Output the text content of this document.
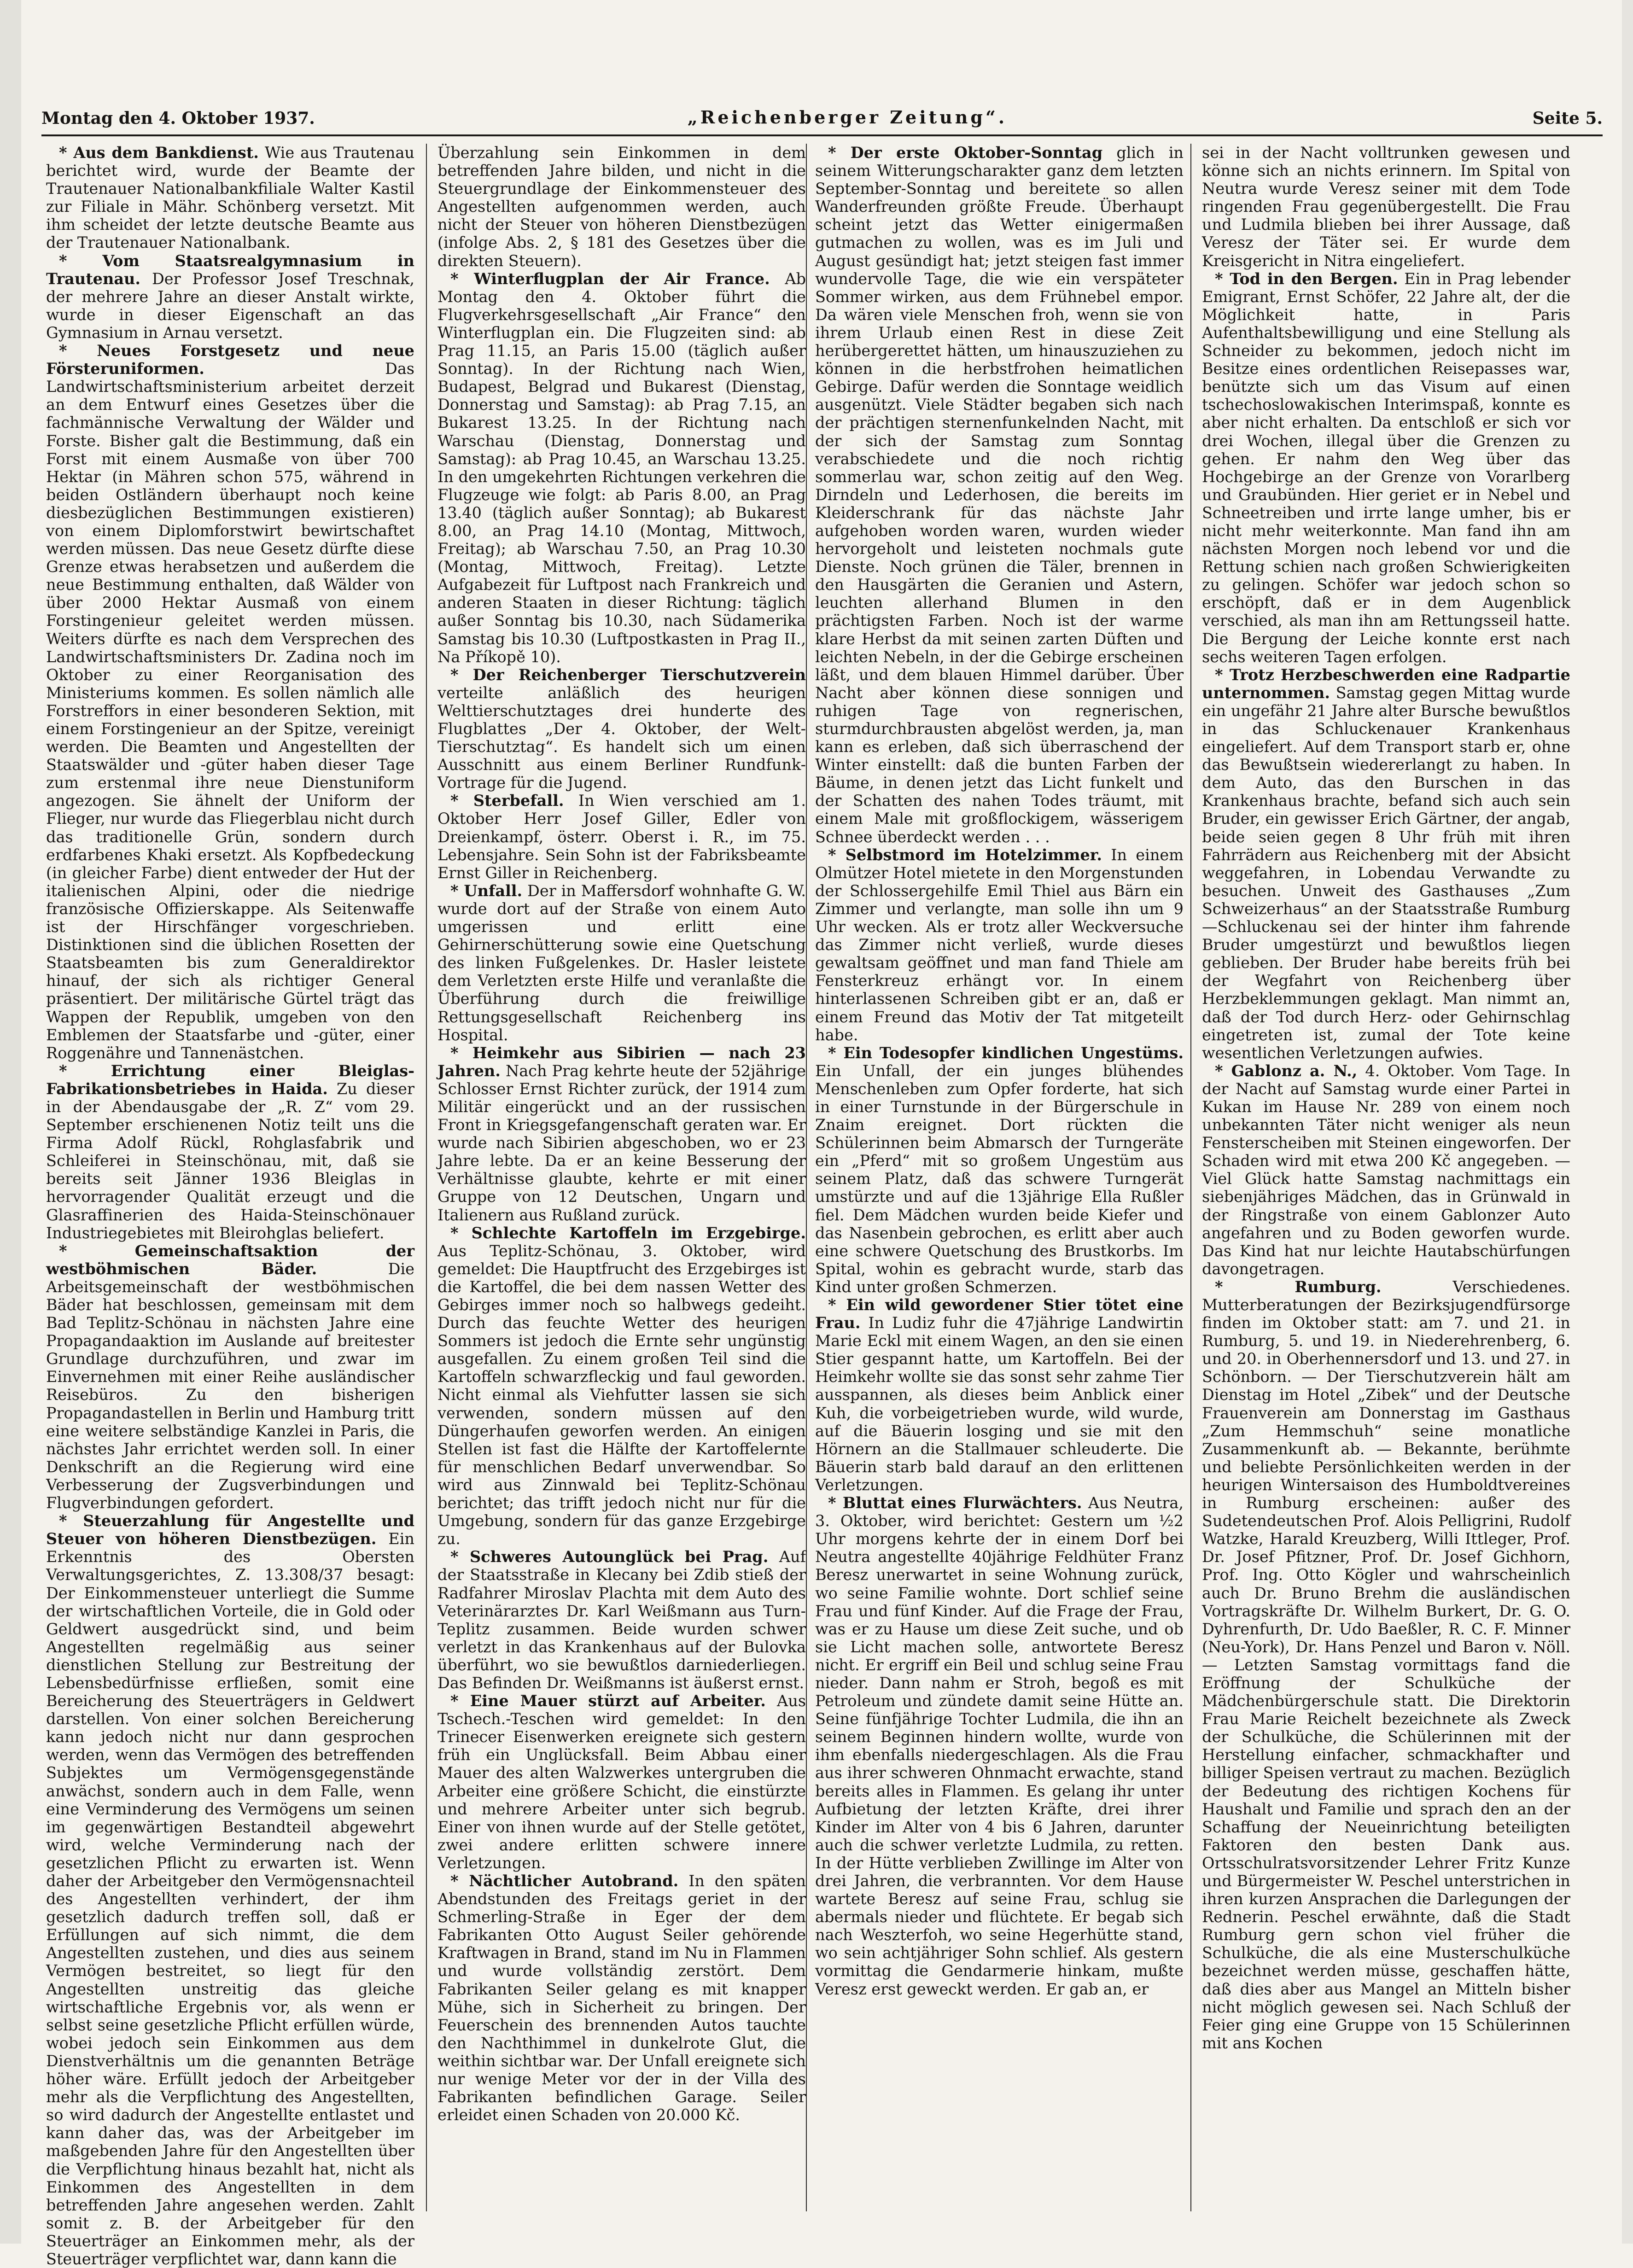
Montag den 4. Oktober 1937.	„Reichenberger Zeitung“.	Seite 5.

* Aus dem Bankdienst. Wie aus Trautenau berichtet wird, wurde der Beamte der Trautenauer Nationalbankfiliale Walter Kastil zur Filiale in Mähr. Schönberg versetzt. Mit ihm scheidet der letzte deutsche Beamte aus der Trautenauer Nationalbank.

* Vom Staatsrealgymnasium in Trautenau. Der Professor Josef Treschnak, der mehrere Jahre an dieser Anstalt wirkte, wurde in dieser Eigenschaft an das Gymnasium in Arnau versetzt.

* Neues Forstgesetz und neue Försteruniformen.	Das Landwirtschaftsministerium arbeitet derzeit an dem Entwurf eines Gesetzes über die fachmännische Verwaltung der Wälder und Forste. Bisher galt die Bestimmung, daß ein Forst mit einem Ausmaße von über 700 Hektar (in Mähren schon 575, während in beiden Ostländern überhaupt noch keine diesbezüglichen Bestimmungen existieren) von einem Diplomforstwirt bewirtschaftet werden müssen. Das neue Gesetz dürfte diese Grenze etwas herabsetzen und außerdem die neue Bestimmung enthalten, daß Wälder von über 2000 Hektar Ausmaß von einem Forstingenieur geleitet werden müssen. Weiters dürfte es nach dem Versprechen des Landwirtschaftsministers Dr. Zadina noch im Oktober zu einer Reorganisation des Ministeriums kommen. Es sollen nämlich alle Forstreffors in einer besonderen Sektion, mit einem Forstingenieur an der Spitze, vereinigt werden. Die Beamten und Angestellten der Staatswälder und -güter haben dieser Tage zum erstenmal ihre neue Dienstuniform angezogen. Sie ähnelt der Uniform der Flieger, nur wurde das Fliegerblau nicht durch das traditionelle Grün, sondern durch erdfarbenes Khaki ersetzt. Als Kopfbedeckung (in gleicher Farbe) dient entweder der Hut der italienischen Alpini, oder die niedrige französische Offizierskappe. Als Seitenwaffe ist der Hirschfänger vorgeschrieben. Distinktionen sind die üblichen Rosetten der Staatsbeamten bis zum Generaldirektor hinauf, der sich als richtiger General präsentiert. Der militärische Gürtel trägt das Wappen der Republik, umgeben von den Emblemen der Staatsfarbe und -güter, einer Roggenähre und Tannenästchen.

* Errichtung einer Bleiglas-Fabrikationsbetriebes in Haida. Zu dieser in der Abendausgabe der „R. Z“ vom 29. September erschienenen Notiz teilt uns die Firma Adolf Rückl, Rohglasfabrik und Schleiferei in Steinschönau, mit, daß sie bereits seit Jänner 1936 Bleiglas in hervorragender Qualität erzeugt und die Glasraffinerien des Haida-Steinschönauer Industriegebietes mit Bleirohglas beliefert.

* Gemeinschaftsaktion der westböhmischen Bäder.	Die Arbeitsgemeinschaft der westböhmischen Bäder hat beschlossen, gemeinsam mit dem Bad Teplitz-Schönau in nächsten Jahre eine Propagandaaktion im Auslande auf breitester Grundlage durchzuführen, und zwar im Einvernehmen mit einer Reihe ausländischer Reisebüros. Zu den bisherigen Propagandastellen in Berlin und Hamburg tritt eine weitere selbständige Kanzlei in Paris, die nächstes Jahr errichtet werden soll. In einer Denkschrift an die Regierung wird eine Verbesserung der Zugsverbindungen und Flugverbindungen gefordert.

* Steuerzahlung für Angestellte und Steuer von höheren Dienstbezügen. Ein Erkenntnis des Obersten Verwaltungsgerichtes, Z. 13.308/37 besagt: Der Einkommensteuer unterliegt die Summe der wirtschaftlichen Vorteile, die in Gold oder Geldwert ausgedrückt sind, und beim Angestellten regelmäßig aus seiner dienstlichen Stellung zur Bestreitung der Lebensbedürfnisse erfließen, somit eine Bereicherung des Steuerträgers in Geldwert darstellen. Von einer solchen Bereicherung kann jedoch nicht nur dann gesprochen werden, wenn das Vermögen des betreffenden Subjektes um Vermögensgegenstände anwächst, sondern auch in dem Falle, wenn eine Verminderung des Vermögens um seinen im gegenwärtigen Bestandteil abgewehrt wird, welche Verminderung nach der gesetzlichen Pflicht zu erwarten ist. Wenn daher der Arbeitgeber den Vermögensnachteil des Angestellten verhindert, der ihm gesetzlich dadurch treffen soll, daß er Erfüllungen auf sich nimmt, die dem Angestellten zustehen, und dies aus seinem Vermögen bestreitet, so liegt für den Angestellten unstreitig das gleiche wirtschaftliche Ergebnis vor, als wenn er selbst seine gesetzliche Pflicht erfüllen würde, wobei jedoch sein Einkommen aus dem Dienstverhältnis um die genannten Beträge höher wäre. Erfüllt jedoch der Arbeitgeber mehr als die Verpflichtung des Angestellten, so wird dadurch der Angestellte entlastet und kann daher das, was der Arbeitgeber im maßgebenden Jahre für den Angestellten über die Verpflichtung hinaus bezahlt hat, nicht als Einkommen des Angestellten in dem betreffenden Jahre angesehen werden. Zahlt somit z. B. der Arbeitgeber für den Steuerträger an Einkommen mehr, als der Steuerträger verpflichtet war, dann kann die

Überzahlung sein Einkommen in dem betreffenden Jahre bilden, und nicht in die Steuergrundlage der Einkommensteuer des Angestellten aufgenommen werden, auch nicht der Steuer von höheren Dienstbezügen (infolge Abs. 2, § 181 des Gesetzes über die direkten Steuern).

* Winterflugplan der Air France. Ab Montag den 4. Oktober führt die Flugverkehrsgesellschaft „Air France“ den Winterflugplan ein. Die Flugzeiten sind: ab Prag 11.15, an Paris 15.00 (täglich außer Sonntag). In der Richtung nach Wien, Budapest, Belgrad und Bukarest (Dienstag, Donnerstag und Samstag): ab Prag 7.15, an Bukarest 13.25. In der Richtung nach Warschau (Dienstag, Donnerstag und Samstag): ab Prag 10.45, an Warschau 13.25. In den umgekehrten Richtungen verkehren die Flugzeuge wie folgt: ab Paris 8.00, an Prag 13.40 (täglich außer Sonntag); ab Bukarest 8.00, an Prag 14.10 (Montag, Mittwoch, Freitag); ab Warschau 7.50, an Prag 10.30 (Montag, Mittwoch, Freitag). Letzte Aufgabezeit für Luftpost nach Frankreich und anderen Staaten in dieser Richtung: täglich außer Sonntag bis 10.30, nach Südamerika Samstag bis 10.30 (Luftpostkasten in Prag II., Na Příkopě 10).

* Der Reichenberger Tierschutzverein verteilte anläßlich des heurigen Welttierschutztages drei hunderte des Flugblattes „Der 4. Oktober, der Welt-Tierschutztag“. Es handelt sich um einen Ausschnitt aus einem Berliner Rundfunk-Vortrage für die Jugend.

* Sterbefall. In Wien verschied am 1. Oktober Herr Josef Giller, Edler von Dreienkampf, österr. Oberst i. R., im 75. Lebensjahre. Sein Sohn ist der Fabriksbeamte Ernst Giller in Reichenberg.

* Unfall. Der in Maffersdorf wohnhafte G. W. wurde dort auf der Straße von einem Auto umgerissen und erlitt eine Gehirnerschütterung sowie eine Quetschung des linken Fußgelenkes. Dr. Hasler leistete dem Verletzten erste Hilfe und veranlaßte die Überführung durch die freiwillige Rettungsgesellschaft Reichenberg ins Hospital.

* Heimkehr aus Sibirien — nach 23 Jahren. Nach Prag kehrte heute der 52jährige Schlosser Ernst Richter zurück, der 1914 zum Militär eingerückt und an der russischen Front in Kriegsgefangenschaft geraten war. Er wurde nach Sibirien abgeschoben, wo er 23 Jahre lebte. Da er an keine Besserung der Verhältnisse glaubte, kehrte er mit einer Gruppe von 12 Deutschen, Ungarn und Italienern aus Rußland zurück.

* Schlechte Kartoffeln im Erzgebirge. Aus Teplitz-Schönau, 3. Oktober, wird gemeldet: Die Hauptfrucht des Erzgebirges ist die Kartoffel, die bei dem nassen Wetter des Gebirges immer noch so halbwegs gedeiht. Durch das feuchte Wetter des heurigen Sommers ist jedoch die Ernte sehr ungünstig ausgefallen. Zu einem großen Teil sind die Kartoffeln schwarzfleckig und faul geworden. Nicht einmal als Viehfutter lassen sie sich verwenden, sondern müssen auf den Düngerhaufen geworfen werden. An einigen Stellen ist fast die Hälfte der Kartoffelernte für menschlichen Bedarf unverwendbar. So wird aus Zinnwald bei Teplitz-Schönau berichtet; das trifft jedoch nicht nur für die Umgebung, sondern für das ganze Erzgebirge zu.

* Schweres Autounglück bei Prag. Auf der Staatsstraße in Klecany bei Zdib stieß der Radfahrer Miroslav Plachta mit dem Auto des Veterinärarztes Dr. Karl Weißmann aus Turn-Teplitz zusammen. Beide wurden schwer verletzt in das Krankenhaus auf der Bulovka überführt, wo sie bewußtlos darniederliegen. Das Befinden Dr. Weißmanns ist äußerst ernst.

* Eine Mauer stürzt auf Arbeiter. Aus Tschech.-Teschen wird gemeldet: In den Trinecer Eisenwerken ereignete sich gestern früh ein Unglücksfall. Beim Abbau einer Mauer des alten Walzwerkes untergruben die Arbeiter eine größere Schicht, die einstürzte und mehrere Arbeiter unter sich begrub. Einer von ihnen wurde auf der Stelle getötet, zwei andere erlitten schwere innere Verletzungen.

* Nächtlicher Autobrand. In den späten Abendstunden des Freitags geriet in der Schmerling-Straße in Eger der dem Fabrikanten Otto August Seiler gehörende Kraftwagen in Brand, stand im Nu in Flammen und wurde vollständig zerstört. Dem Fabrikanten Seiler gelang es mit knapper Mühe, sich in Sicherheit zu bringen. Der Feuerschein des brennenden Autos tauchte den Nachthimmel in dunkelrote Glut, die weithin sichtbar war. Der Unfall ereignete sich nur wenige Meter vor der in der Villa des Fabrikanten befindlichen Garage. Seiler erleidet einen Schaden von 20.000 Kč.

* Der erste Oktober-Sonntag glich in seinem Witterungscharakter ganz dem letzten September-Sonntag und bereitete so allen Wanderfreunden größte Freude. Überhaupt scheint jetzt das Wetter einigermaßen gutmachen zu wollen, was es im Juli und August gesündigt hat; jetzt steigen fast immer wundervolle Tage, die wie ein verspäteter Sommer wirken, aus dem Frühnebel empor. Da wären viele Menschen froh, wenn sie von ihrem Urlaub einen Rest in diese Zeit herübergerettet hätten, um hinauszuziehen zu können in die herbstfrohen heimatlichen Gebirge. Dafür werden die Sonntage weidlich ausgenützt. Viele Städter begaben sich nach der prächtigen sternenfunkelnden Nacht, mit der sich der Samstag zum Sonntag verabschiedete und die noch richtig sommerlau war, schon zeitig auf den Weg. Dirndeln und Lederhosen, die bereits im Kleiderschrank für das nächste Jahr aufgehoben worden waren, wurden wieder hervorgeholt und leisteten nochmals gute Dienste. Noch grünen die Täler, brennen in den Hausgärten die Geranien und Astern, leuchten allerhand Blumen in den prächtigsten Farben. Noch ist der warme klare Herbst da mit seinen zarten Düften und leichten Nebeln, in der die Gebirge erscheinen läßt, und dem blauen Himmel darüber. Über Nacht aber können diese sonnigen und ruhigen Tage von regnerischen, sturmdurchbrausten abgelöst werden, ja, man kann es erleben, daß sich überraschend der Winter einstellt: daß die bunten Farben der Bäume, in denen jetzt das Licht funkelt und der Schatten des nahen Todes träumt, mit einem Male mit großflockigem, wässerigem Schnee überdeckt werden . . .

* Selbstmord im Hotelzimmer. In einem Olmützer Hotel mietete in den Morgenstunden der Schlossergehilfe Emil Thiel aus Bärn ein Zimmer und verlangte, man solle ihn um 9 Uhr wecken. Als er trotz aller Weckversuche das Zimmer nicht verließ, wurde dieses gewaltsam geöffnet und man fand Thiele am Fensterkreuz erhängt vor. In einem hinterlassenen Schreiben gibt er an, daß er einem Freund das Motiv der Tat mitgeteilt habe.

* Ein Todesopfer kindlichen Ungestüms. Ein Unfall, der ein junges blühendes Menschenleben zum Opfer forderte, hat sich in einer Turnstunde in der Bürgerschule in Znaim ereignet. Dort rückten die Schülerinnen beim Abmarsch der Turngeräte ein „Pferd“ mit so großem Ungestüm aus seinem Platz, daß das schwere Turngerät umstürzte und auf die 13jährige Ella Rußler fiel. Dem Mädchen wurden beide Kiefer und das Nasenbein gebrochen, es erlitt aber auch eine schwere Quetschung des Brustkorbs. Im Spital, wohin es gebracht wurde, starb das Kind unter großen Schmerzen.

* Ein wild gewordener Stier tötet eine Frau. In Ludiz fuhr die 47jährige Landwirtin Marie Eckl mit einem Wagen, an den sie einen Stier gespannt hatte, um Kartoffeln. Bei der Heimkehr wollte sie das sonst sehr zahme Tier ausspannen, als dieses beim Anblick einer Kuh, die vorbeigetrieben wurde, wild wurde, auf die Bäuerin losging und sie mit den Hörnern an die Stallmauer schleuderte. Die Bäuerin starb bald darauf an den erlittenen Verletzungen.

* Bluttat eines Flurwächters. Aus Neutra, 3. Oktober, wird berichtet: Gestern um ½2 Uhr morgens kehrte der in einem Dorf bei Neutra angestellte 40jährige Feldhüter Franz Beresz unerwartet in seine Wohnung zurück, wo seine Familie wohnte. Dort schlief seine Frau und fünf Kinder. Auf die Frage der Frau, was er zu Hause um diese Zeit suche, und ob sie Licht machen solle, antwortete Beresz nicht. Er ergriff ein Beil und schlug seine Frau nieder. Dann nahm er Stroh, begoß es mit Petroleum und zündete damit seine Hütte an. Seine fünfjährige Tochter Ludmila, die ihn an seinem Beginnen hindern wollte, wurde von ihm ebenfalls niedergeschlagen. Als die Frau aus ihrer schweren Ohnmacht erwachte, stand bereits alles in Flammen. Es gelang ihr unter Aufbietung der letzten Kräfte, drei ihrer Kinder im Alter von 4 bis 6 Jahren, darunter auch die schwer verletzte Ludmila, zu retten. In der Hütte verblieben Zwillinge im Alter von drei Jahren, die verbrannten. Vor dem Hause wartete Beresz auf seine Frau, schlug sie abermals nieder und flüchtete. Er begab sich nach Weszterfoh, wo seine Hegerhütte stand, wo sein achtjähriger Sohn schlief. Als gestern vormittag die Gendarmerie hinkam, mußte Veresz erst geweckt werden. Er gab an, er

sei in der Nacht volltrunken gewesen und könne sich an nichts erinnern. Im Spital von Neutra wurde Veresz seiner mit dem Tode ringenden Frau gegenübergestellt. Die Frau und Ludmila blieben bei ihrer Aussage, daß Veresz der Täter sei. Er wurde dem Kreisgericht in Nitra eingeliefert.

* Tod in den Bergen. Ein in Prag lebender Emigrant, Ernst Schöfer, 22 Jahre alt, der die Möglichkeit hatte, in Paris Aufenthaltsbewilligung und eine Stellung als Schneider zu bekommen, jedoch nicht im Besitze eines ordentlichen Reisepasses war, benützte sich um das Visum auf einen tschechoslowakischen Interimspaß, konnte es aber nicht erhalten. Da entschloß er sich vor drei Wochen, illegal über die Grenzen zu gehen. Er nahm den Weg über das Hochgebirge an der Grenze von Vorarlberg und Graubünden. Hier geriet er in Nebel und Schneetreiben und irrte lange umher, bis er nicht mehr weiterkonnte. Man fand ihn am nächsten Morgen noch lebend vor und die Rettung schien nach großen Schwierigkeiten zu gelingen. Schöfer war jedoch schon so erschöpft, daß er in dem Augenblick verschied, als man ihn am Rettungsseil hatte. Die Bergung der Leiche konnte erst nach sechs weiteren Tagen erfolgen.

* Trotz Herzbeschwerden eine Radpartie unternommen. Samstag gegen Mittag wurde ein ungefähr 21 Jahre alter Bursche bewußtlos in das Schluckenauer Krankenhaus eingeliefert. Auf dem Transport starb er, ohne das Bewußtsein wiedererlangt zu haben. In dem Auto, das den Burschen in das Krankenhaus brachte, befand sich auch sein Bruder, ein gewisser Erich Gärtner, der angab, beide seien gegen 8 Uhr früh mit ihren Fahrrädern aus Reichenberg mit der Absicht weggefahren, in Lobendau Verwandte zu besuchen. Unweit des Gasthauses „Zum Schweizerhaus“ an der Staatsstraße Rumburg—Schluckenau sei der hinter ihm fahrende Bruder umgestürzt und bewußtlos liegen geblieben. Der Bruder habe bereits früh bei der Wegfahrt von Reichenberg über Herzbeklemmungen geklagt. Man nimmt an, daß der Tod durch Herz- oder Gehirnschlag eingetreten ist, zumal der Tote keine wesentlichen Verletzungen aufwies.

* Gablonz a. N., 4. Oktober. Vom Tage. In der Nacht auf Samstag wurde einer Partei in Kukan im Hause Nr. 289 von einem noch unbekannten Täter nicht weniger als neun Fensterscheiben mit Steinen eingeworfen. Der Schaden wird mit etwa 200 Kč angegeben. — Viel Glück hatte Samstag nachmittags ein siebenjähriges Mädchen, das in Grünwald in der Ringstraße von einem Gablonzer Auto angefahren und zu Boden geworfen wurde. Das Kind hat nur leichte Hautabschürfungen davongetragen.

* Rumburg.	Verschiedenes. Mutterberatungen der Bezirksjugendfürsorge finden im Oktober statt: am 7. und 21. in Rumburg, 5. und 19. in Niederehrenberg, 6. und 20. in Oberhennersdorf und 13. und 27. in Schönborn. — Der Tierschutzverein hält am Dienstag im Hotel „Zibek“ und der Deutsche Frauenverein am Donnerstag im Gasthaus „Zum Hemmschuh“ seine monatliche Zusammenkunft ab. — Bekannte, berühmte und beliebte Persönlichkeiten werden in der heurigen Wintersaison des Humboldtvereines in Rumburg erscheinen: außer des Sudetendeutschen Prof. Alois Pelligrini, Rudolf Watzke, Harald Kreuzberg, Willi Ittleger, Prof. Dr. Josef Pfitzner, Prof. Dr. Josef Gichhorn, Prof. Ing. Otto Kögler und wahrscheinlich auch Dr. Bruno Brehm die ausländischen Vortragskräfte Dr. Wilhelm Burkert, Dr. G. O. Dyhrenfurth, Dr. Udo Baeßler, R. C. F. Minner (Neu-York), Dr. Hans Penzel und Baron v. Nöll. — Letzten Samstag vormittags fand die Eröffnung der Schulküche der Mädchenbürgerschule statt. Die Direktorin Frau Marie Reichelt bezeichnete als Zweck der Schulküche, die Schülerinnen mit der Herstellung einfacher, schmackhafter und billiger Speisen vertraut zu machen. Bezüglich der Bedeutung des richtigen Kochens für Haushalt und Familie und sprach den an der Schaffung der Neueinrichtung beteiligten Faktoren den besten Dank aus. Ortsschulratsvorsitzender Lehrer Fritz Kunze und Bürgermeister W. Peschel unterstrichen in ihren kurzen Ansprachen die Darlegungen der Rednerin. Peschel erwähnte, daß die Stadt Rumburg gern schon viel früher die Schulküche, die als eine Musterschulküche bezeichnet werden müsse, geschaffen hätte, daß dies aber aus Mangel an Mitteln bisher nicht möglich gewesen sei. Nach Schluß der Feier ging eine Gruppe von 15 Schülerinnen mit ans Kochen
